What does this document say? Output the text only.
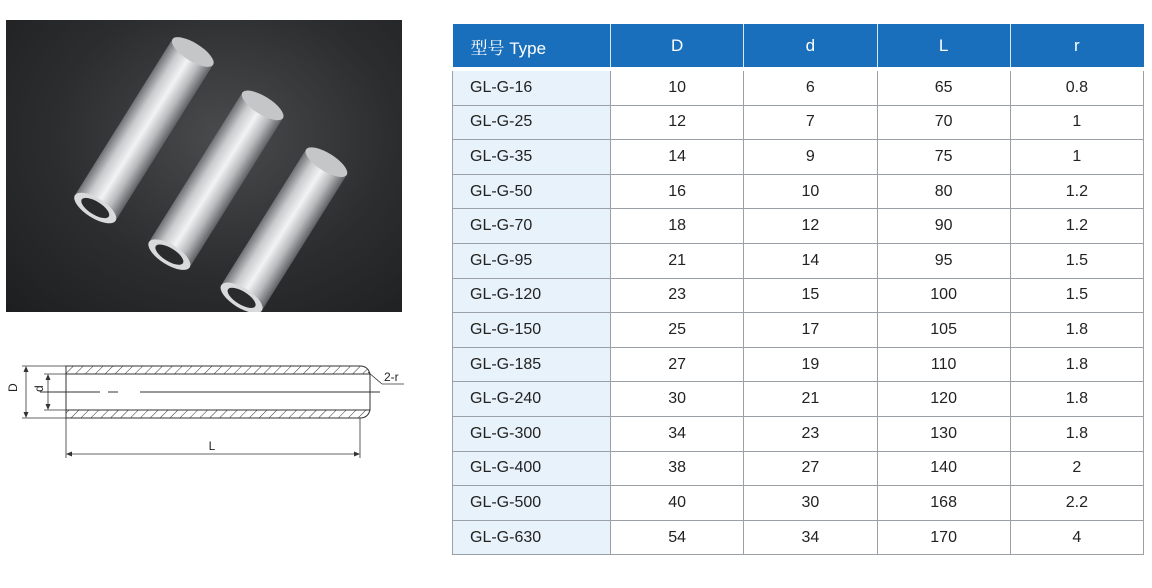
D d
L
2-r
型号 Type	D	d	L	r
GL-G-16	10	6	65	0.8
GL-G-25	12	7	70	1
GL-G-35	14	9	75	1
GL-G-50	16	10	80	1.2
GL-G-70	18	12	90	1.2
GL-G-95	21	14	95	1.5
GL-G-120	23	15	100	1.5
GL-G-150	25	17	105	1.8
GL-G-185	27	19	110	1.8
GL-G-240	30	21	120	1.8
GL-G-300	34	23	130	1.8
GL-G-400	38	27	140	2
GL-G-500	40	30	168	2.2
GL-G-630	54	34	170	4
